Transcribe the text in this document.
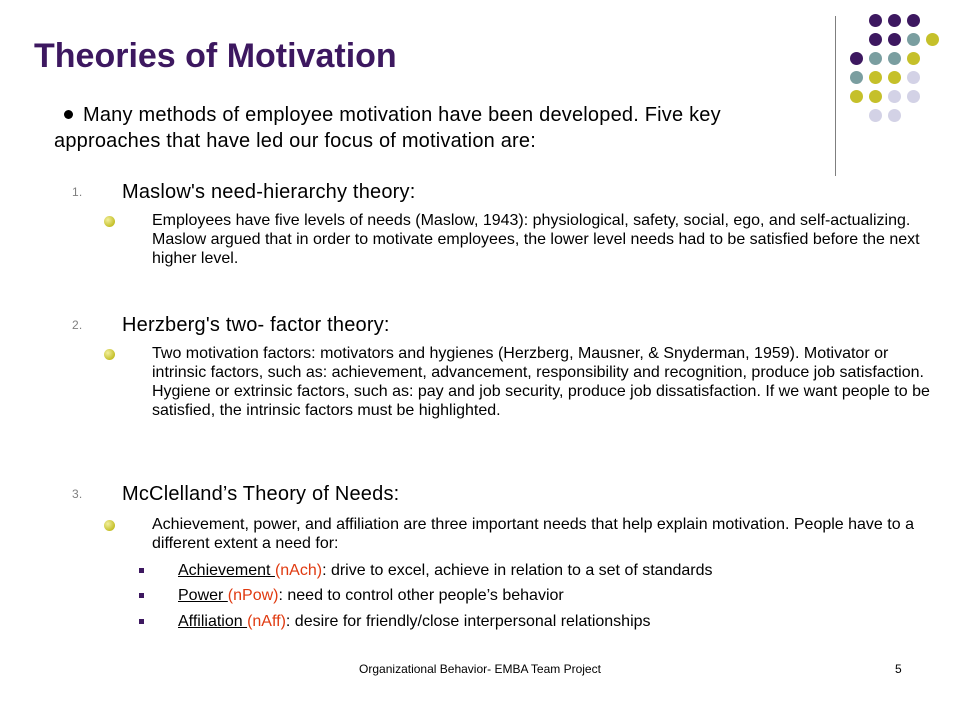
Theories of Motivation
Many methods of employee motivation have been developed. Five key approaches that have led our focus of motivation are:
1. Maslow's need-hierarchy theory:
Employees have five levels of needs (Maslow, 1943): physiological, safety, social, ego, and self-actualizing. Maslow argued that in order to motivate employees, the lower level needs had to be satisfied before the next higher level.
2. Herzberg's two- factor theory:
Two motivation factors: motivators and hygienes (Herzberg, Mausner, & Snyderman, 1959). Motivator or intrinsic factors, such as: achievement, advancement, responsibility and recognition, produce job satisfaction. Hygiene or extrinsic factors, such as: pay and job security, produce job dissatisfaction. If we want people to be satisfied, the intrinsic factors must be highlighted.
3. McClelland’s Theory of Needs:
Achievement, power, and affiliation are three important needs that help explain motivation. People have to a different extent a need for:
Achievement (nAch): drive to excel, achieve in relation to a set of standards
Power (nPow): need to control other people’s behavior
Affiliation (nAff): desire for friendly/close interpersonal relationships
Organizational Behavior- EMBA Team Project	5
